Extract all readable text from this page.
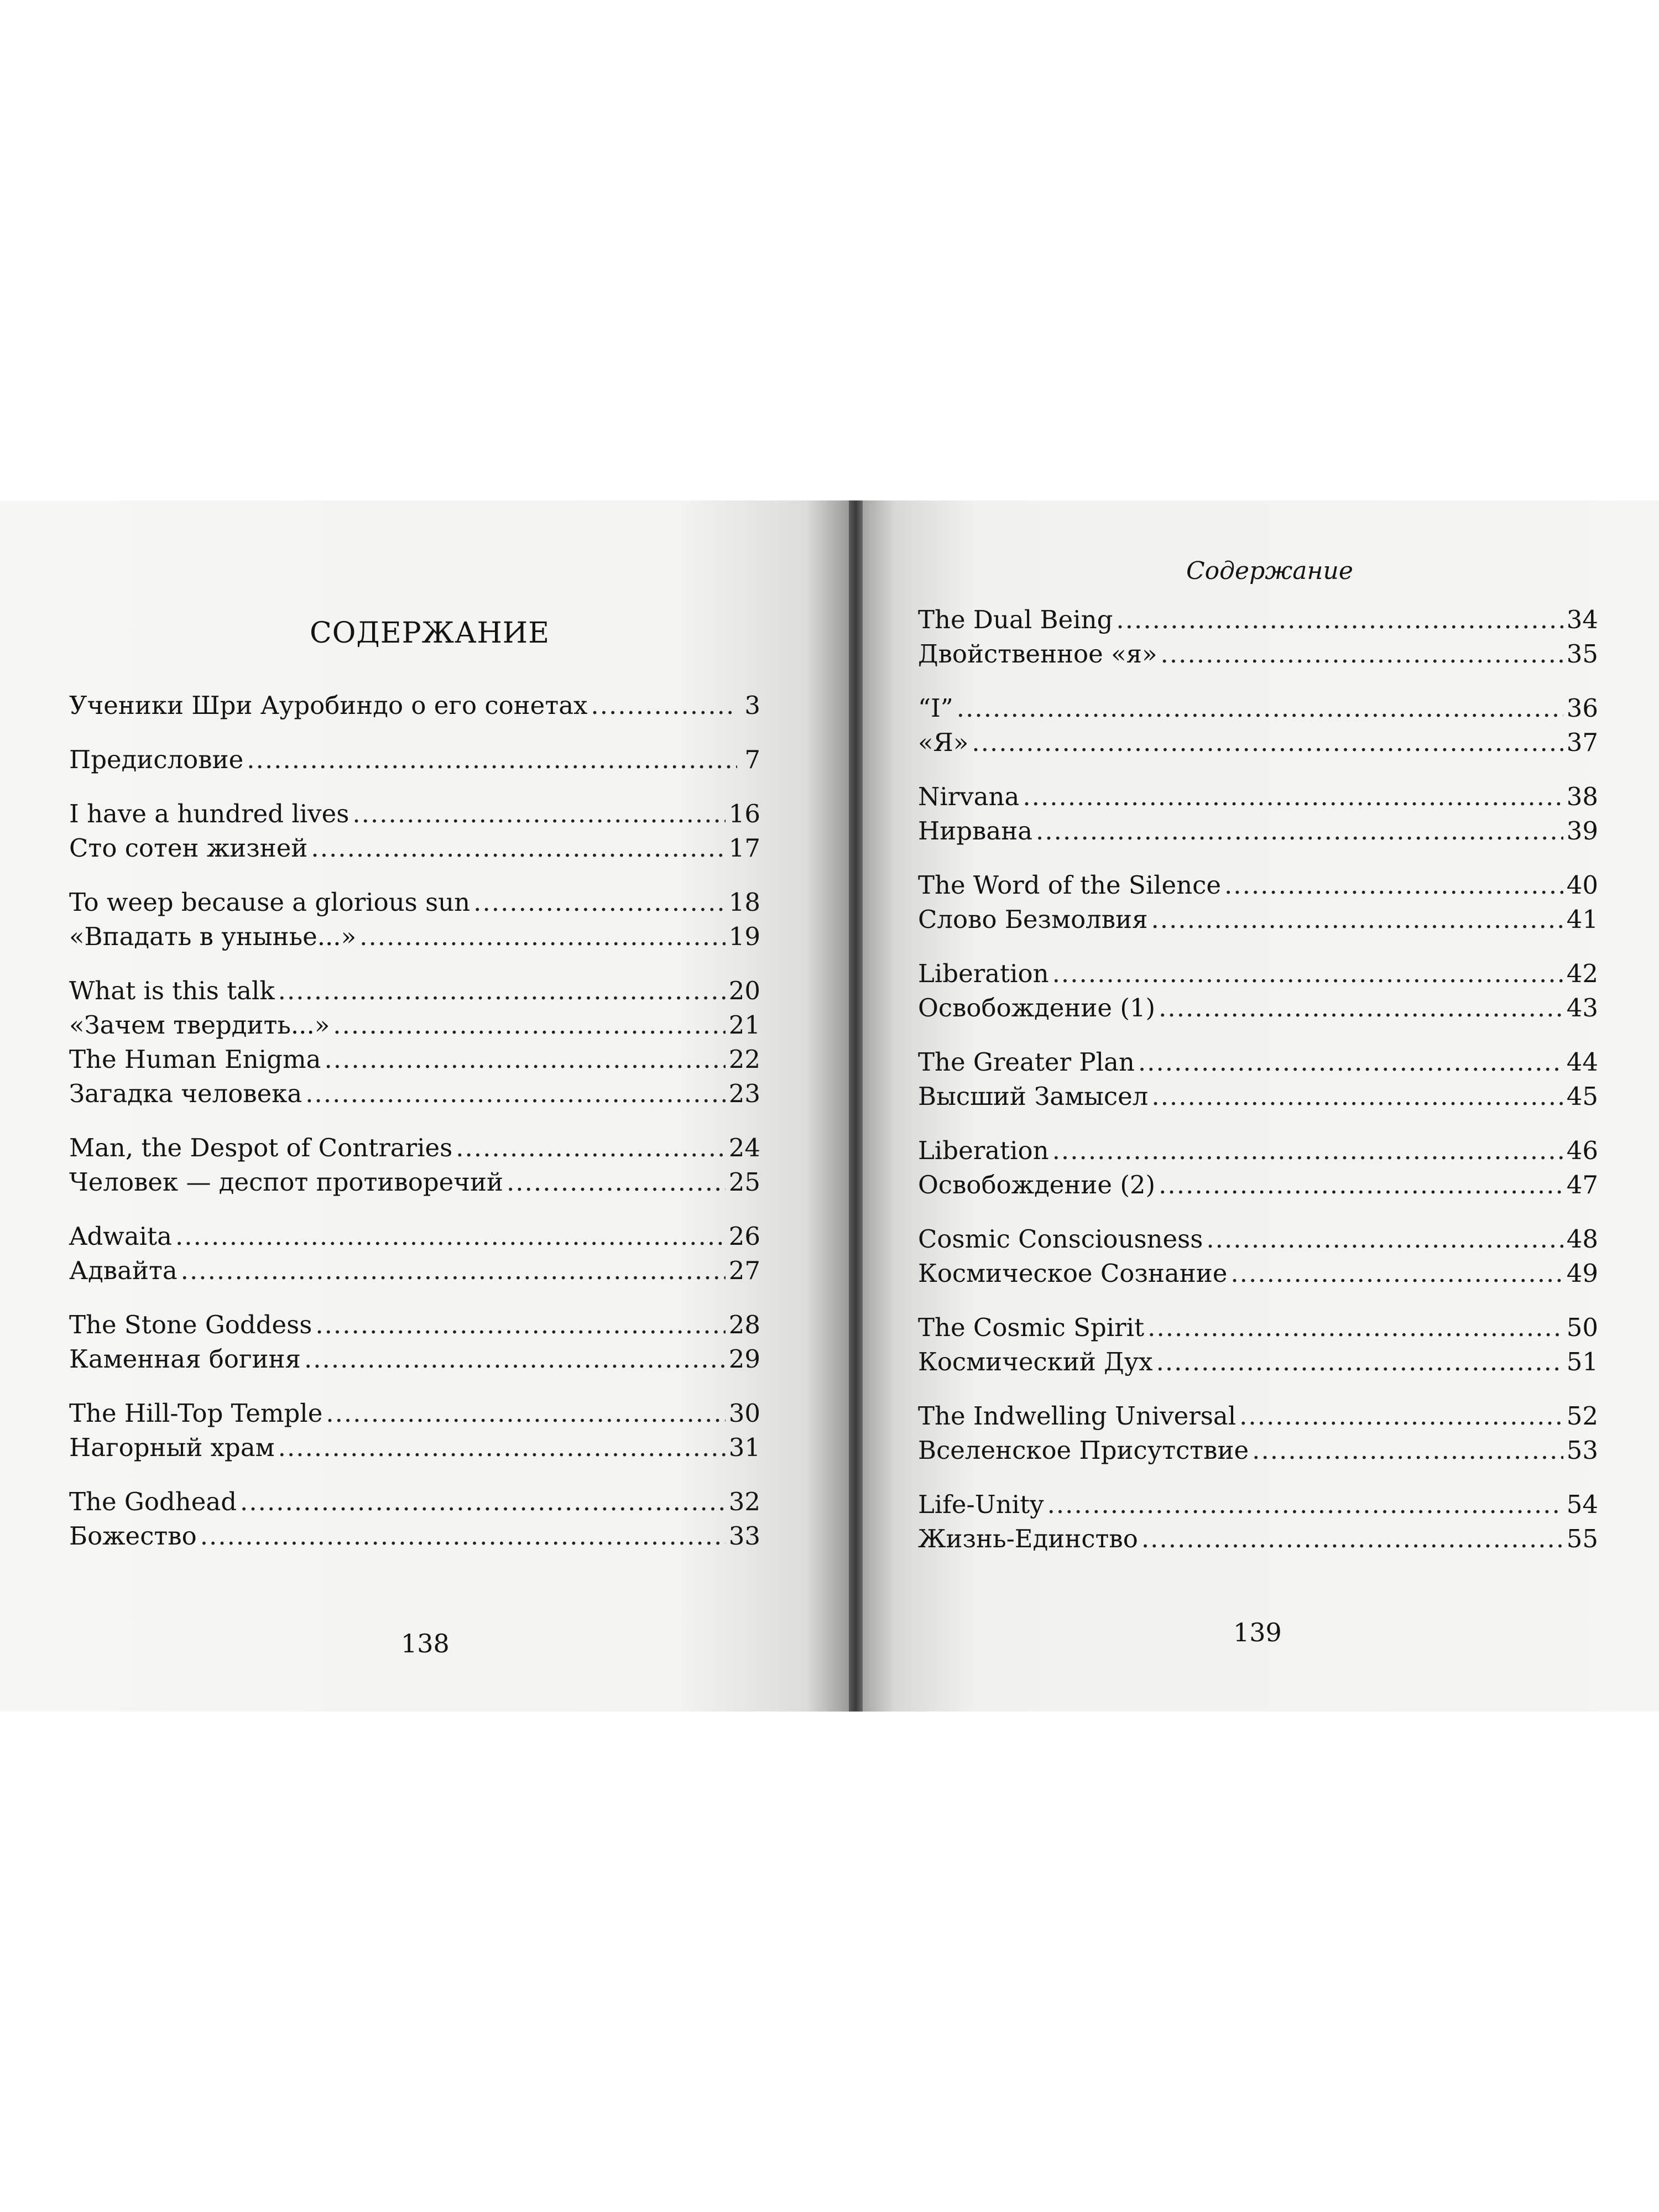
СОДЕРЖАНИЕ
Ученики Шри Ауробиндо о его сонетах .....	3
Предисловие .....	7
I have a hundred lives .....	16
Сто сотен жизней .....	17
To weep because a glorious sun .....	18
«Впадать в уныньe...» .....	19
What is this talk .....	20
«Зачем твердить...» .....	21
The Human Enigma .....	22
Загадка человека .....	23
Man, the Despot of Contraries .....	24
Человек — деспот противоречий .....	25
Adwaita .....	26
Адвайта .....	27
The Stone Goddess .....	28
Каменная богиня .....	29
The Hill-Top Temple .....	30
Нагорный храм .....	31
The Godhead .....	32
Божество .....	33
138
Содержание
The Dual Being .....	34
Двойственное «я» .....	35
“I” .....	36
«Я» .....	37
Nirvana .....	38
Нирвана .....	39
The Word of the Silence .....	40
Слово Безмолвия .....	41
Liberation .....	42
Освобождение (1) .....	43
The Greater Plan .....	44
Высший Замысел .....	45
Liberation .....	46
Освобождение (2) .....	47
Cosmic Consciousness .....	48
Космическое Сознание .....	49
The Cosmic Spirit .....	50
Космический Дух .....	51
The Indwelling Universal .....	52
Вселенское Присутствие .....	53
Life-Unity .....	54
Жизнь-Единство .....	55
139
